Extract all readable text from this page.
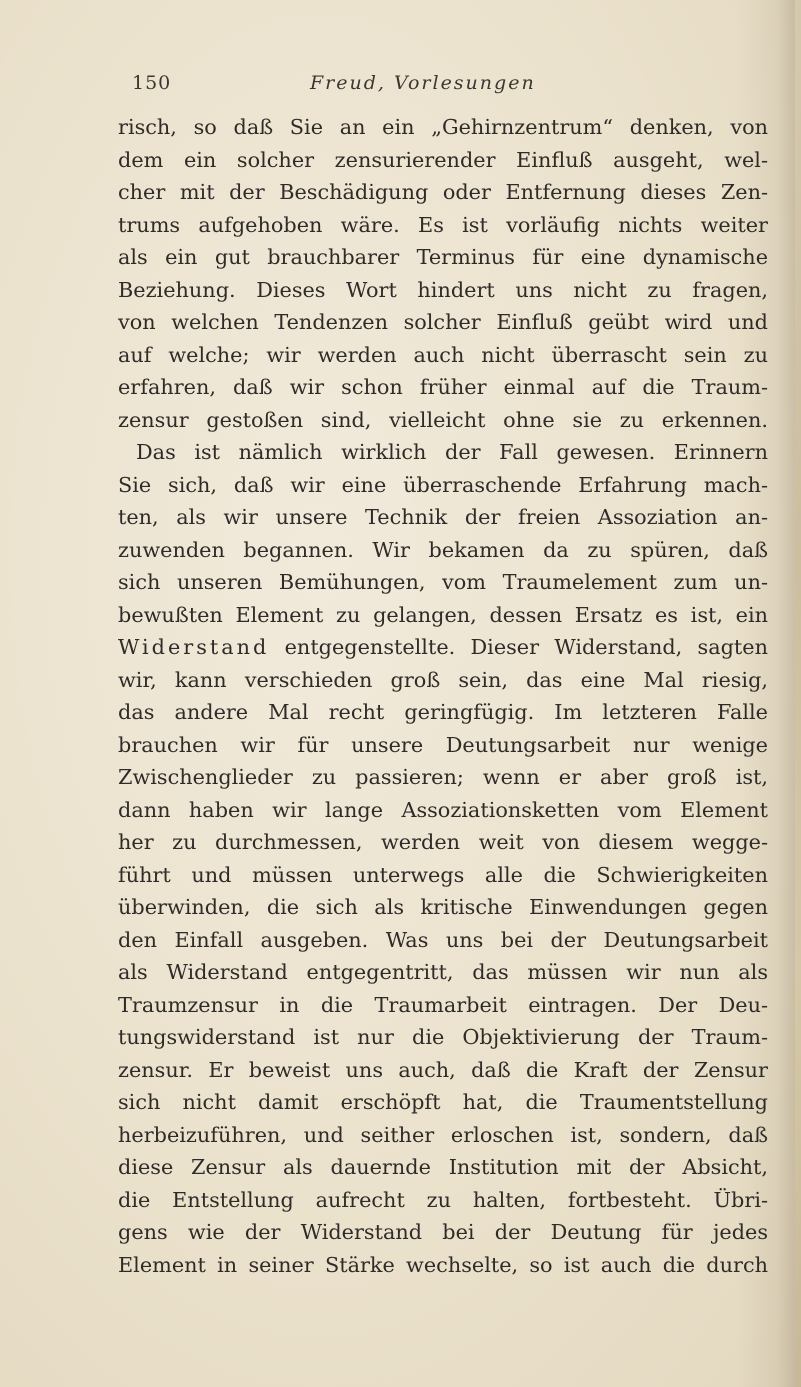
150	Freud, Vorlesungen
risch, so daß Sie an ein „Gehirnzentrum“ denken, von
dem ein solcher zensurierender Einfluß ausgeht, wel-
cher mit der Beschädigung oder Entfernung dieses Zen-
trums aufgehoben wäre. Es ist vorläufig nichts weiter
als ein gut brauchbarer Terminus für eine dynamische
Beziehung. Dieses Wort hindert uns nicht zu fragen,
von welchen Tendenzen solcher Einfluß geübt wird und
auf welche; wir werden auch nicht überrascht sein zu
erfahren, daß wir schon früher einmal auf die Traum-
zensur gestoßen sind, vielleicht ohne sie zu erkennen.
Das ist nämlich wirklich der Fall gewesen. Erinnern
Sie sich, daß wir eine überraschende Erfahrung mach-
ten, als wir unsere Technik der freien Assoziation an-
zuwenden begannen. Wir bekamen da zu spüren, daß
sich unseren Bemühungen, vom Traumelement zum un-
bewußten Element zu gelangen, dessen Ersatz es ist, ein
Widerstand entgegenstellte. Dieser Widerstand, sagten
wir, kann verschieden groß sein, das eine Mal riesig,
das andere Mal recht geringfügig. Im letzteren Falle
brauchen wir für unsere Deutungsarbeit nur wenige
Zwischenglieder zu passieren; wenn er aber groß ist,
dann haben wir lange Assoziationsketten vom Element
her zu durchmessen, werden weit von diesem wegge-
führt und müssen unterwegs alle die Schwierigkeiten
überwinden, die sich als kritische Einwendungen gegen
den Einfall ausgeben. Was uns bei der Deutungsarbeit
als Widerstand entgegentritt, das müssen wir nun als
Traumzensur in die Traumarbeit eintragen. Der Deu-
tungswiderstand ist nur die Objektivierung der Traum-
zensur. Er beweist uns auch, daß die Kraft der Zensur
sich nicht damit erschöpft hat, die Traumentstellung
herbeizuführen, und seither erloschen ist, sondern, daß
diese Zensur als dauernde Institution mit der Absicht,
die Entstellung aufrecht zu halten, fortbesteht. Übri-
gens wie der Widerstand bei der Deutung für jedes
Element in seiner Stärke wechselte, so ist auch die durch
